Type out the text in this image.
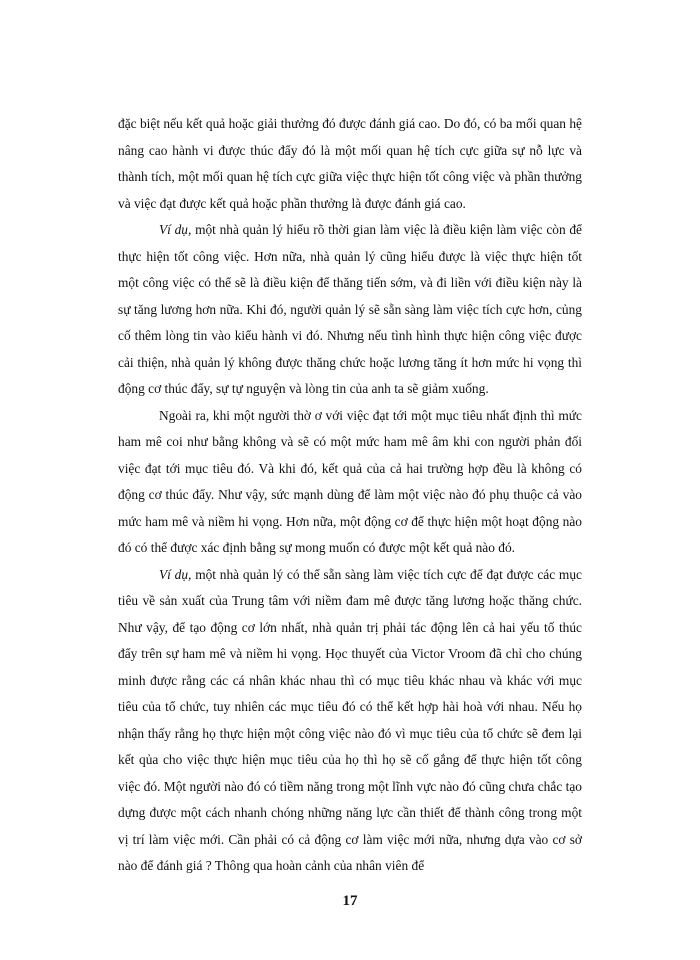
đặc biệt nếu kết quả hoặc giải thưởng đó được đánh giá cao. Do đó, có ba mối quan hệ nâng cao hành vi được thúc đẩy đó là một mối quan hệ tích cực giữa sự nỗ lực và thành tích, một mối quan hệ tích cực giữa việc thực hiện tốt công việc và phần thưởng và việc đạt được kết quả hoặc phần thưởng là được đánh giá cao.

Ví dụ, một nhà quản lý hiểu rõ thời gian làm việc là điều kiện làm việc còn để thực hiện tốt công việc. Hơn nữa, nhà quản lý cũng hiểu được là việc thực hiện tốt một công việc có thể sẽ là điều kiện để thăng tiến sớm, và đi liền với điều kiện này là sự tăng lương hơn nữa. Khi đó, người quản lý sẽ sẵn sàng làm việc tích cực hơn, củng cố thêm lòng tin vào kiểu hành vi đó. Nhưng nếu tình hình thực hiện công việc được cải thiện, nhà quản lý không được thăng chức hoặc lương tăng ít hơn mức hi vọng thì động cơ thúc đẩy, sự tự nguyện và lòng tin của anh ta sẽ giảm xuống.

Ngoài ra, khi một người thờ ơ với việc đạt tới một mục tiêu nhất định thì mức ham mê coi như bằng không và sẽ có một mức ham mê âm khi con người phản đối việc đạt tới mục tiêu đó. Và khi đó, kết quả của cả hai trường hợp đều là không có động cơ thúc đẩy. Như vậy, sức mạnh dùng để làm một việc nào đó phụ thuộc cả vào mức ham mê và niềm hi vọng. Hơn nữa, một động cơ để thực hiện một hoạt động nào đó có thể được xác định bằng sự mong muốn có được một kết quả nào đó.

Ví dụ, một nhà quản lý có thể sẵn sàng làm việc tích cực để đạt được các mục tiêu về sản xuất của Trung tâm với niềm đam mê được tăng lương hoặc thăng chức. Như vậy, để tạo động cơ lớn nhất, nhà quản trị phải tác động lên cả hai yếu tố thúc đẩy trên sự ham mê và niềm hi vọng. Học thuyết của Victor Vroom đã chỉ cho chúng minh được rằng các cá nhân khác nhau thì có mục tiêu khác nhau và khác với mục tiêu của tổ chức, tuy nhiên các mục tiêu đó có thể kết hợp hài hoà với nhau. Nếu họ nhận thấy rằng họ thực hiện một công việc nào đó vì mục tiêu của tổ chức sẽ đem lại kết qủa cho việc thực hiện mục tiêu của họ thì họ sẽ cố gắng để thực hiện tốt công việc đó. Một người nào đó có tiềm năng trong một lĩnh vực nào đó cũng chưa chắc tạo dựng được một cách nhanh chóng những năng lực cần thiết để thành công trong một vị trí làm việc mới. Cần phải có cả động cơ làm việc mới nữa, nhưng dựa vào cơ sở nào để đánh giá ? Thông qua hoàn cảnh của nhân viên để

17
